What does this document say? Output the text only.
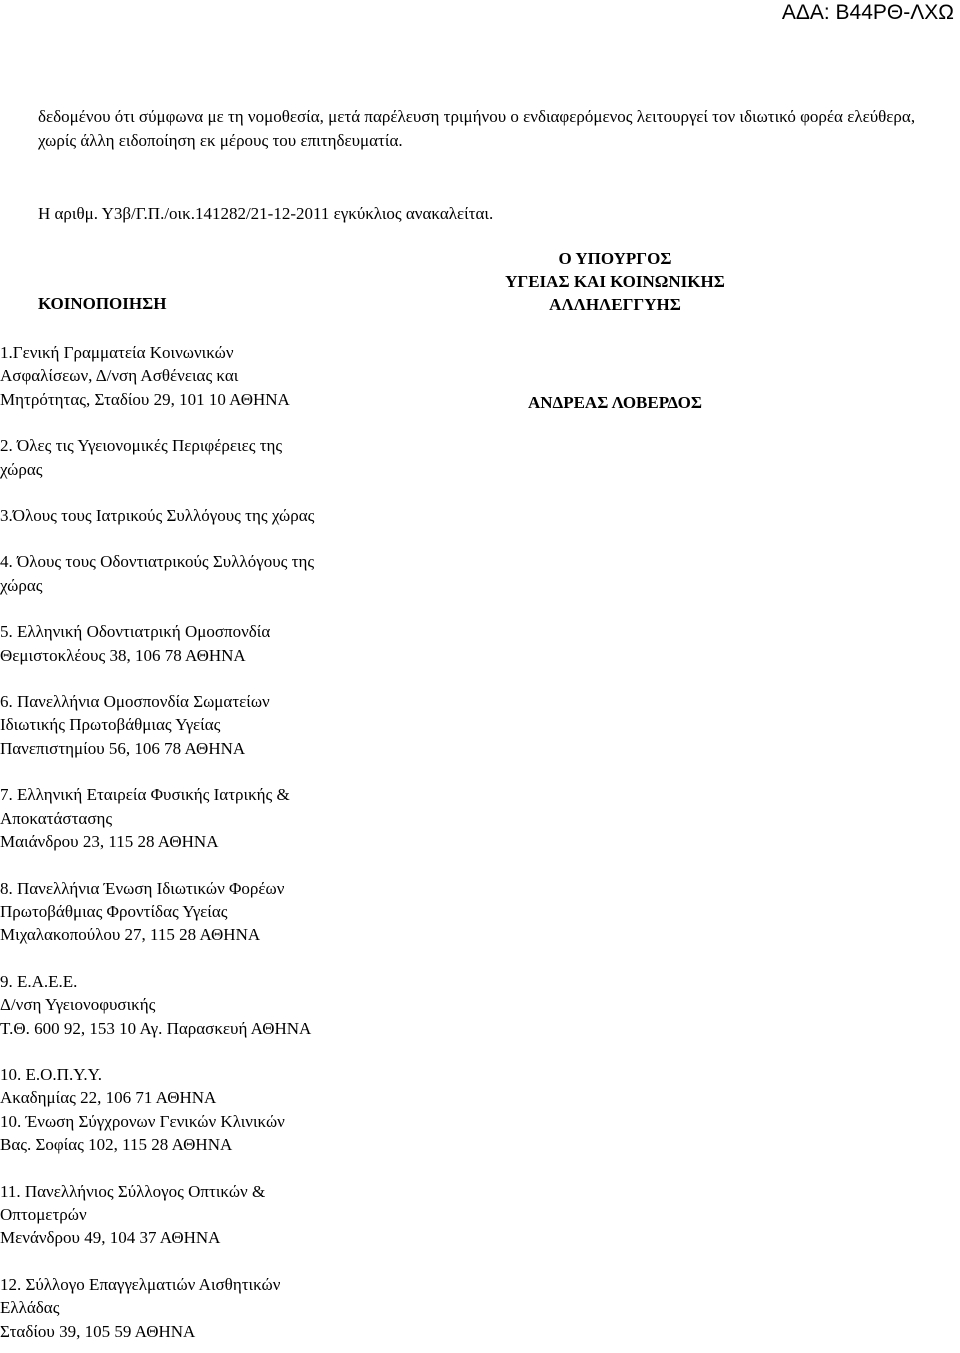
ΑΔΑ: Β44ΡΘ-ΛΧΩ
δεδομένου ότι σύμφωνα με τη νομοθεσία, μετά παρέλευση τριμήνου ο ενδιαφερόμενος λειτουργεί τον ιδιωτικό φορέα ελεύθερα, χωρίς άλλη ειδοποίηση εκ μέρους του επιτηδευματία.
Η αριθμ. Υ3β/Γ.Π./οικ.141282/21-12-2011 εγκύκλιος ανακαλείται.
ΚΟΙΝΟΠΟΙΗΣΗ
Ο ΥΠΟΥΡΓΟΣ
ΥΓΕΙΑΣ ΚΑΙ ΚΟΙΝΩΝΙΚΗΣ
ΑΛΛΗΛΕΓΓΥΗΣ
ΑΝΔΡΕΑΣ ΛΟΒΕΡΔΟΣ
1.Γενική Γραμματεία Κοινωνικών
Ασφαλίσεων, Δ/νση Ασθένειας και
Μητρότητας, Σταδίου 29, 101 10 ΑΘΗΝΑ
2. Όλες τις Υγειονομικές Περιφέρειες της
χώρας
3.Όλους τους Ιατρικούς Συλλόγους της χώρας
4. Όλους τους Οδοντιατρικούς Συλλόγους της
χώρας
5. Ελληνική Οδοντιατρική Ομοσπονδία
Θεμιστοκλέους 38, 106 78 ΑΘΗΝΑ
6. Πανελλήνια Ομοσπονδία Σωματείων
Ιδιωτικής Πρωτοβάθμιας Υγείας
Πανεπιστημίου 56, 106 78 ΑΘΗΝΑ
7. Ελληνική Εταιρεία Φυσικής Ιατρικής &
Αποκατάστασης
Μαιάνδρου 23, 115 28 ΑΘΗΝΑ
8. Πανελλήνια Ένωση Ιδιωτικών Φορέων
Πρωτοβάθμιας Φροντίδας Υγείας
Μιχαλακοπούλου 27, 115 28 ΑΘΗΝΑ
9. Ε.Α.Ε.Ε.
Δ/νση Υγειονοφυσικής
Τ.Θ. 600 92, 153 10 Αγ. Παρασκευή ΑΘΗΝΑ
10. Ε.Ο.Π.Υ.Υ.
Ακαδημίας 22, 106 71 ΑΘΗΝΑ
10. Ένωση Σύγχρονων Γενικών Κλινικών
Βας. Σοφίας 102, 115 28 ΑΘΗΝΑ
11. Πανελλήνιος Σύλλογος Οπτικών &
Οπτομετρών
Μενάνδρου 49, 104 37 ΑΘΗΝΑ
12. Σύλλογο Επαγγελματιών Αισθητικών
Ελλάδας
Σταδίου 39, 105 59 ΑΘΗΝΑ
